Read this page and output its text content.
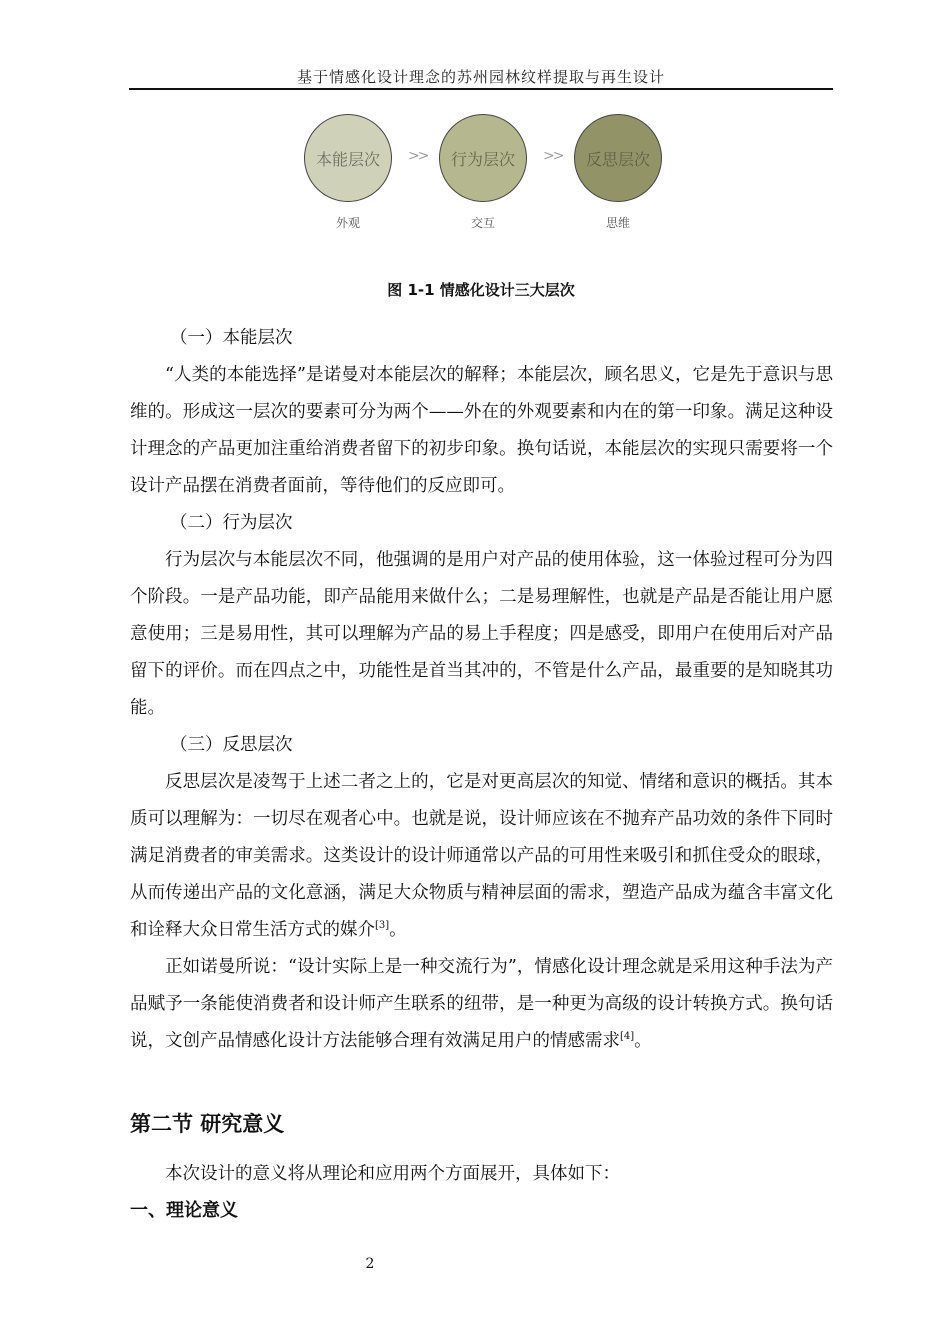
基于情感化设计理念的苏州园林纹样提取与再生设计
本能层次 >> 行为层次 >> 反思层次
外观	交互	思维
图 1-1 情感化设计三大层次

（一）本能层次

“人类的本能选择”是诺曼对本能层次的解释；本能层次，顾名思义，它是先于意识与思维的。形成这一层次的要素可分为两个——外在的外观要素和内在的第一印象。满足这种设计理念的产品更加注重给消费者留下的初步印象。换句话说，本能层次的实现只需要将一个设计产品摆在消费者面前，等待他们的反应即可。

（二）行为层次

行为层次与本能层次不同，他强调的是用户对产品的使用体验，这一体验过程可分为四个阶段。一是产品功能，即产品能用来做什么；二是易理解性，也就是产品是否能让用户愿意使用；三是易用性，其可以理解为产品的易上手程度；四是感受，即用户在使用后对产品留下的评价。而在四点之中，功能性是首当其冲的，不管是什么产品，最重要的是知晓其功能。

（三）反思层次

反思层次是凌驾于上述二者之上的，它是对更高层次的知觉、情绪和意识的概括。其本质可以理解为：一切尽在观者心中。也就是说，设计师应该在不抛弃产品功效的条件下同时满足消费者的审美需求。这类设计的设计师通常以产品的可用性来吸引和抓住受众的眼球，从而传递出产品的文化意涵，满足大众物质与精神层面的需求，塑造产品成为蕴含丰富文化和诠释大众日常生活方式的媒介[3]。

正如诺曼所说：“设计实际上是一种交流行为”，情感化设计理念就是采用这种手法为产品赋予一条能使消费者和设计师产生联系的纽带，是一种更为高级的设计转换方式。换句话说，文创产品情感化设计方法能够合理有效满足用户的情感需求[4]。

第二节 研究意义
本次设计的意义将从理论和应用两个方面展开，具体如下：
一、理论意义
2
